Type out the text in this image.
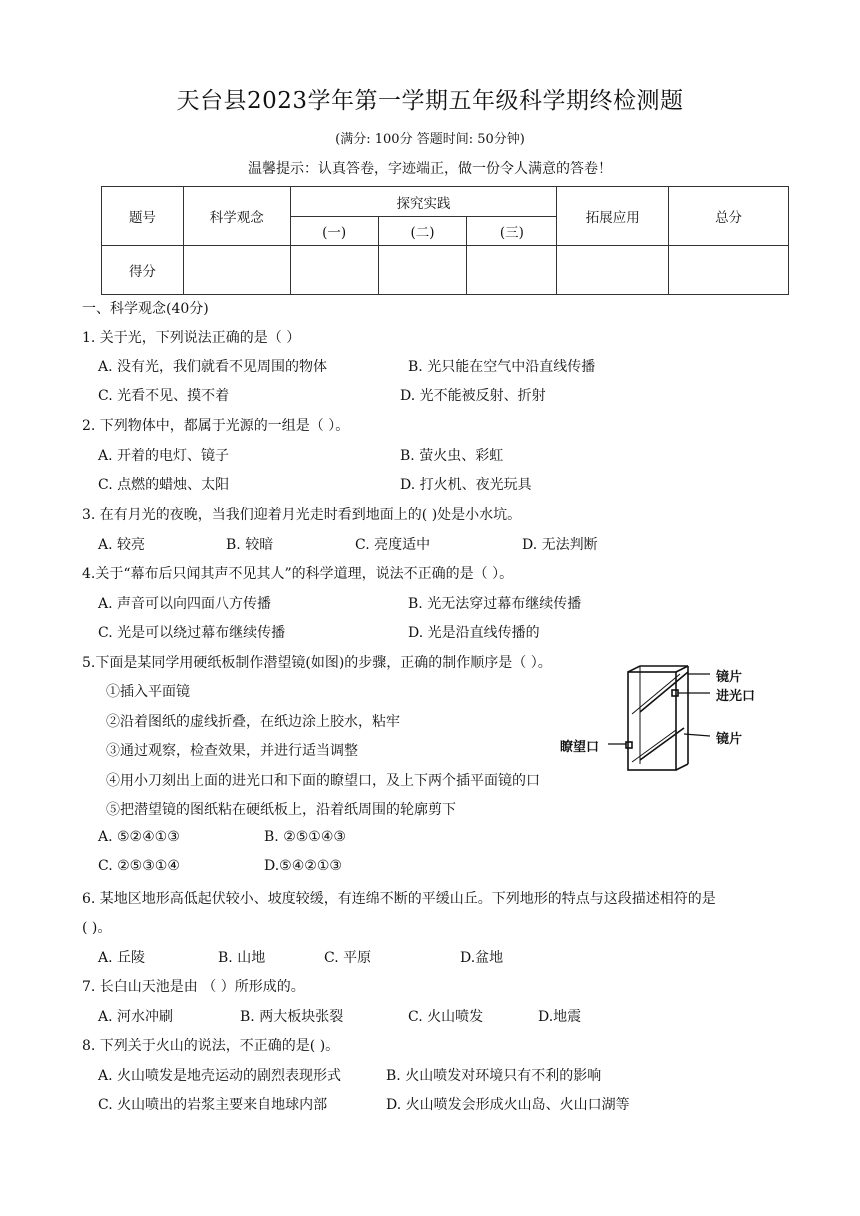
天台县2023学年第一学期五年级科学期终检测题
(满分: 100分 答题时间: 50分钟)
温馨提示：认真答卷，字迹端正，做一份令人满意的答卷！
题号	科学观念	探究实践			拓展应用	总分
		(一)	(二)	(三)		
得分						
一、科学观念(40分)
1. 关于光，下列说法正确的是（ ）
A. 没有光，我们就看不见周围的物体	B. 光只能在空气中沿直线传播
C. 光看不见、摸不着	D. 光不能被反射、折射
2. 下列物体中，都属于光源的一组是（ ）。
A. 开着的电灯、镜子	B. 萤火虫、彩虹
C. 点燃的蜡烛、太阳	D. 打火机、夜光玩具
3. 在有月光的夜晚，当我们迎着月光走时看到地面上的( )处是小水坑。
A. 较亮	B. 较暗	C. 亮度适中	D. 无法判断
4.关于“幕布后只闻其声不见其人”的科学道理，说法不正确的是（ ）。
A. 声音可以向四面八方传播	B. 光无法穿过幕布继续传播
C. 光是可以绕过幕布继续传播	D. 光是沿直线传播的
5.下面是某同学用硬纸板制作潜望镜(如图)的步骤，正确的制作顺序是（ ）。
①插入平面镜
②沿着图纸的虚线折叠，在纸边涂上胶水，粘牢
③通过观察，检查效果，并进行适当调整
④用小刀刻出上面的进光口和下面的瞭望口，及上下两个插平面镜的口
⑤把潜望镜的图纸粘在硬纸板上，沿着纸周围的轮廓剪下
A. ⑤②④①③	B. ②⑤①④③
C. ②⑤③①④	D.⑤④②①③
镜片
进光口
镜片
瞭望口
6. 某地区地形高低起伏较小、坡度较缓，有连绵不断的平缓山丘。下列地形的特点与这段描述相符的是
( )。
A. 丘陵	B. 山地	C. 平原	D.盆地
7. 长白山天池是由 （ ）所形成的。
A. 河水冲刷	B. 两大板块张裂	C. 火山喷发	D.地震
8. 下列关于火山的说法，不正确的是( )。
A. 火山喷发是地壳运动的剧烈表现形式	B. 火山喷发对环境只有不利的影响
C. 火山喷出的岩浆主要来自地球内部	D. 火山喷发会形成火山岛、火山口湖等
